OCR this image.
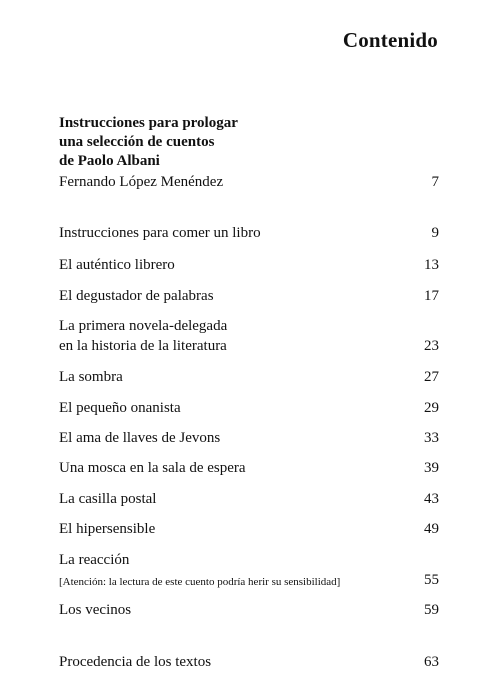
Contenido
Instrucciones para prologar
una selección de cuentos
de Paolo Albani
Fernando López Menéndez	7
Instrucciones para comer un libro	9
El auténtico librero	13
El degustador de palabras	17
La primera novela-delegada
en la historia de la literatura	23
La sombra	27
El pequeño onanista	29
El ama de llaves de Jevons	33
Una mosca en la sala de espera	39
La casilla postal	43
El hipersensible	49
La reacción
[Atención: la lectura de este cuento podría herir su sensibilidad]	55
Los vecinos	59
Procedencia de los textos	63
